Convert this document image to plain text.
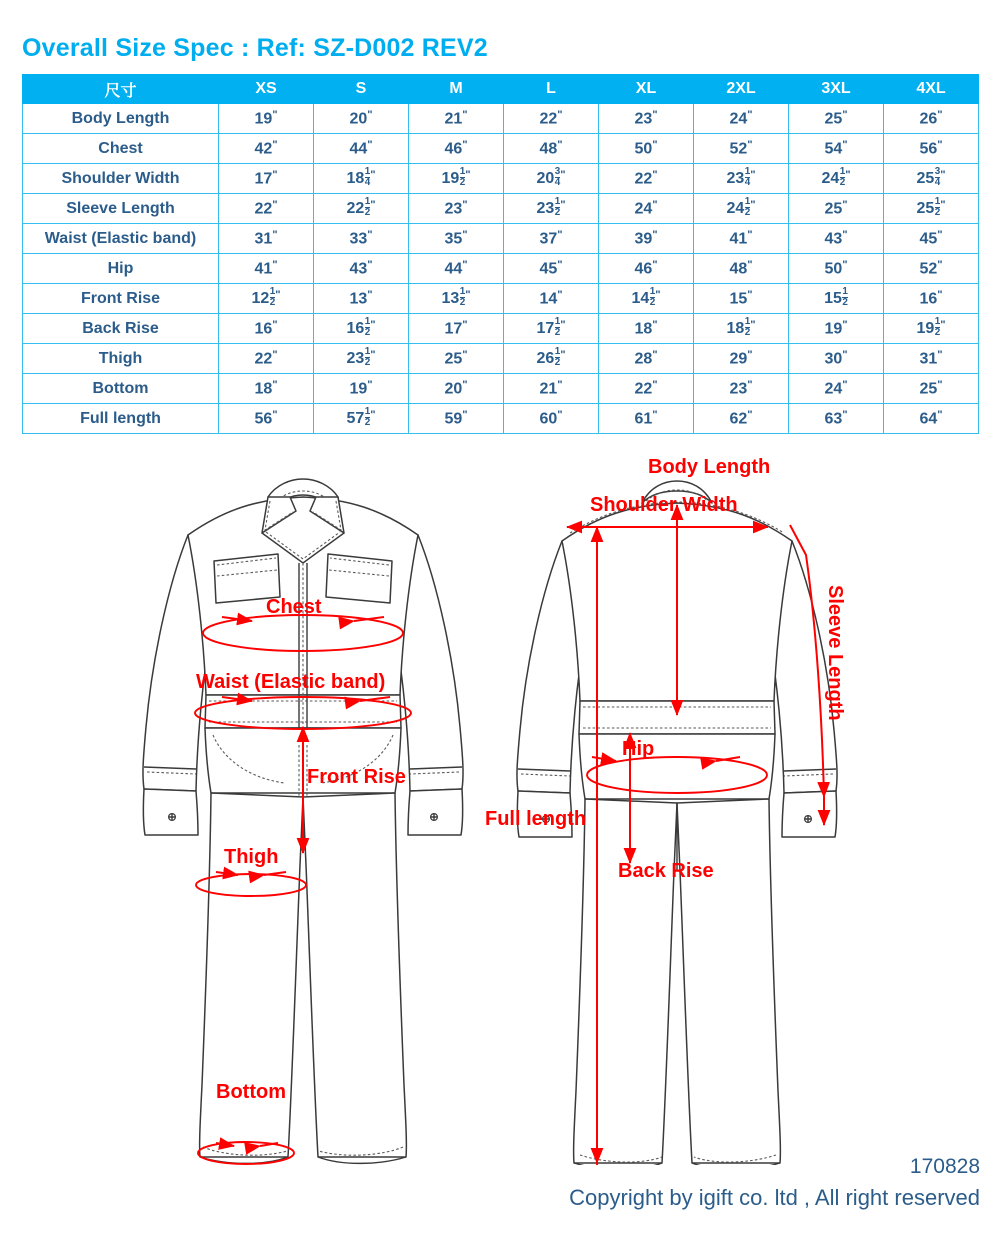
Overall Size Spec : Ref: SZ-D002 REV2
尺寸	XS	S	M	L	XL	2XL	3XL	4XL
Body Length	19"	20"	21"	22"	23"	24"	25"	26"
Chest	42"	44"	46"	48"	50"	52"	54"	56"
Shoulder Width	17"	$18 \frac{1}{4} ^"$	$19 \frac{1}{2} ^"$	$20 \frac{3}{4} ^"$	22"	$23 \frac{1}{4} ^"$	$24 \frac{1}{2} ^"$	$25 \frac{3}{4} ^"$
Sleeve Length	22"	$22 \frac{1}{2} ^"$	23"	$23 \frac{1}{2} ^"$	24"	$24 \frac{1}{2} ^"$	25"	$25 \frac{1}{2} ^"$
Waist (Elastic band)	31"	33"	35"	37"	39"	41"	43"	45"
Hip	41"	43"	44"	45"	46"	48"	50"	52"
Front Rise	$12 \frac{1}{2} ^"$	13"	$13 \frac{1}{2} ^"$	14"	$14 \frac{1}{2} ^"$	15"	$15 \frac{1}{2}$	16"
Back Rise	16"	$16 \frac{1}{2} ^"$	17"	$17 \frac{1}{2} ^"$	18"	$18 \frac{1}{2} ^"$	19"	$19 \frac{1}{2} ^"$
Thigh	22"	$23 \frac{1}{2} ^"$	25"	$26 \frac{1}{2} ^"$	28"	29"	30"	31"
Bottom	18"	19"	20"	21"	22"	23"	24"	25"
Full length	56"	$57 \frac{1}{2} ^"$	59"	60"	61"	62"	63"	64"
Chest
Waist (Elastic band)
Front Rise
Thigh
Bottom
Body Length
Shoulder Width
Sleeve Length
Hip
Back Rise
Full length
170828
Copyright by igift co. ltd , All right reserved
